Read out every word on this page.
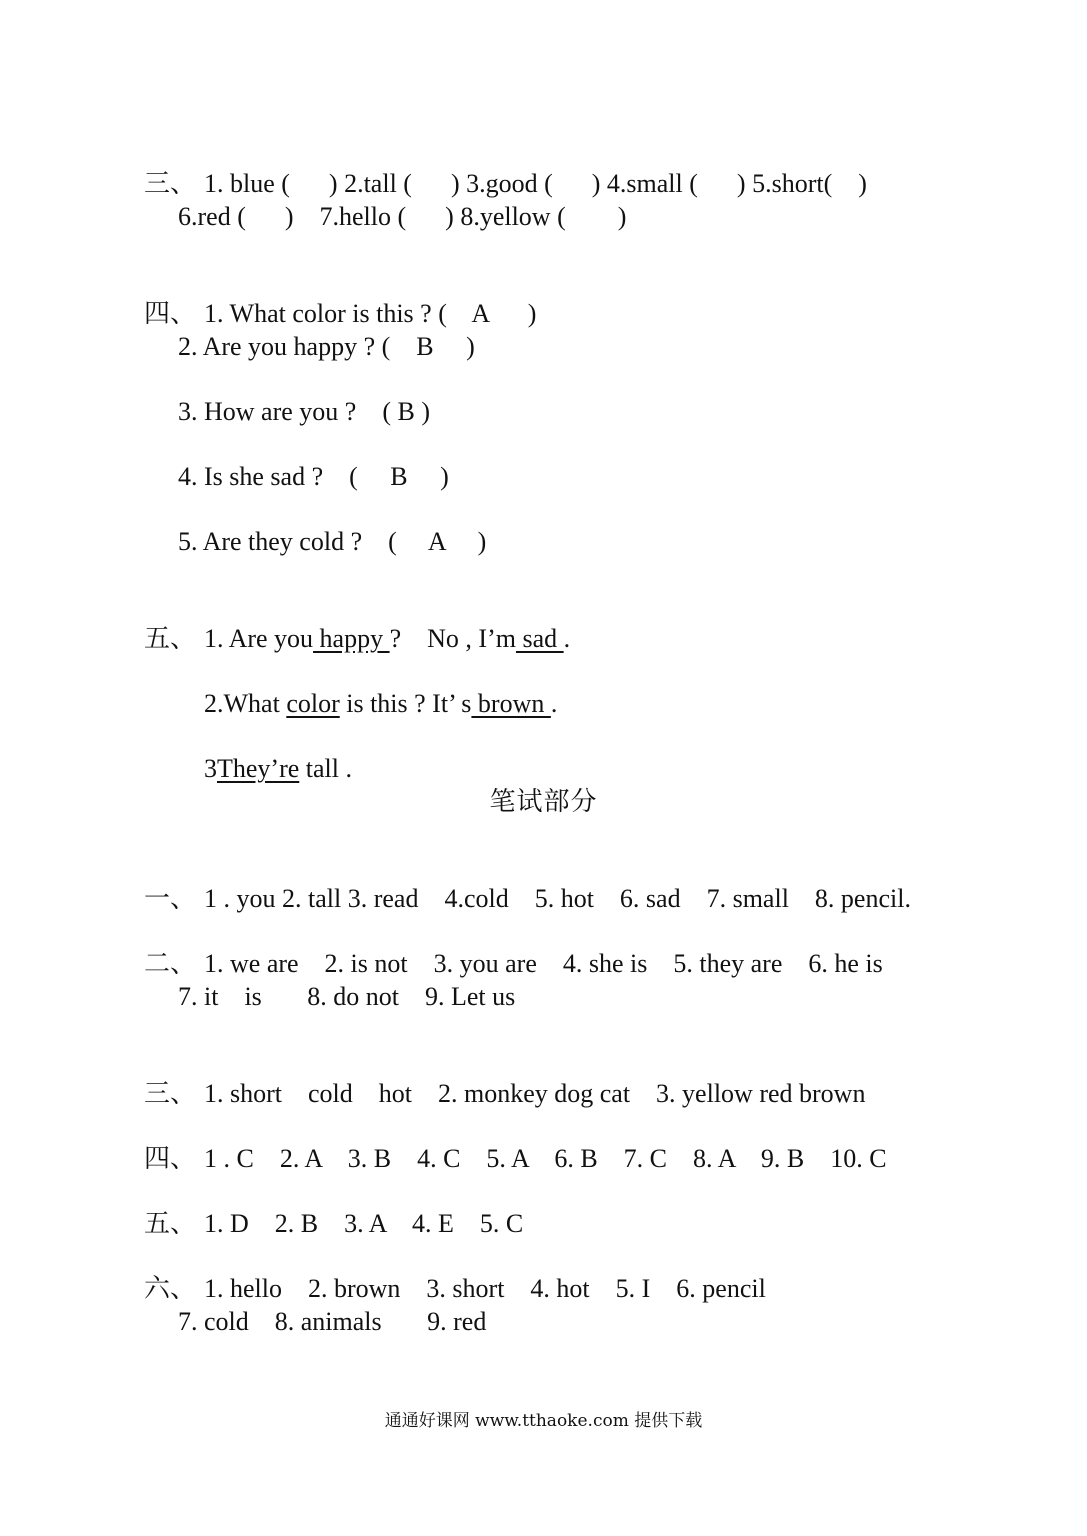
三、 1. blue (      ) 2.tall (      ) 3.good (      ) 4.small (      ) 5.short(    )

6.red (      )    7.hello (      ) 8.yellow (        )

四、 1. What color is this ? (    A      )

2. Are you happy ? (    B     )
3. How are you ?    ( B )
4. Is she sad ?    (     B     )
5. Are they cold ?    (     A     )

五、 1. Are you happy ?    No , I’m sad .

2.What color is this ? It’ s brown .

3They’re tall .

笔试部分

一、 1 . you 2. tall 3. read    4.cold    5. hot    6. sad    7. small    8. pencil.

二、 1. we are    2. is not    3. you are    4. she is    5. they are    6. he is

7. it    is       8. do not    9. Let us

三、 1. short    cold    hot    2. monkey dog cat    3. yellow red brown

四、 1 . C    2. A    3. B    4. C    5. A    6. B    7. C    8. A    9. B    10. C

五、 1. D    2. B    3. A    4. E    5. C

六、 1. hello    2. brown    3. short    4. hot    5. I    6. pencil

7. cold    8. animals       9. red
通通好课网 www.tthaoke.com 提供下载
